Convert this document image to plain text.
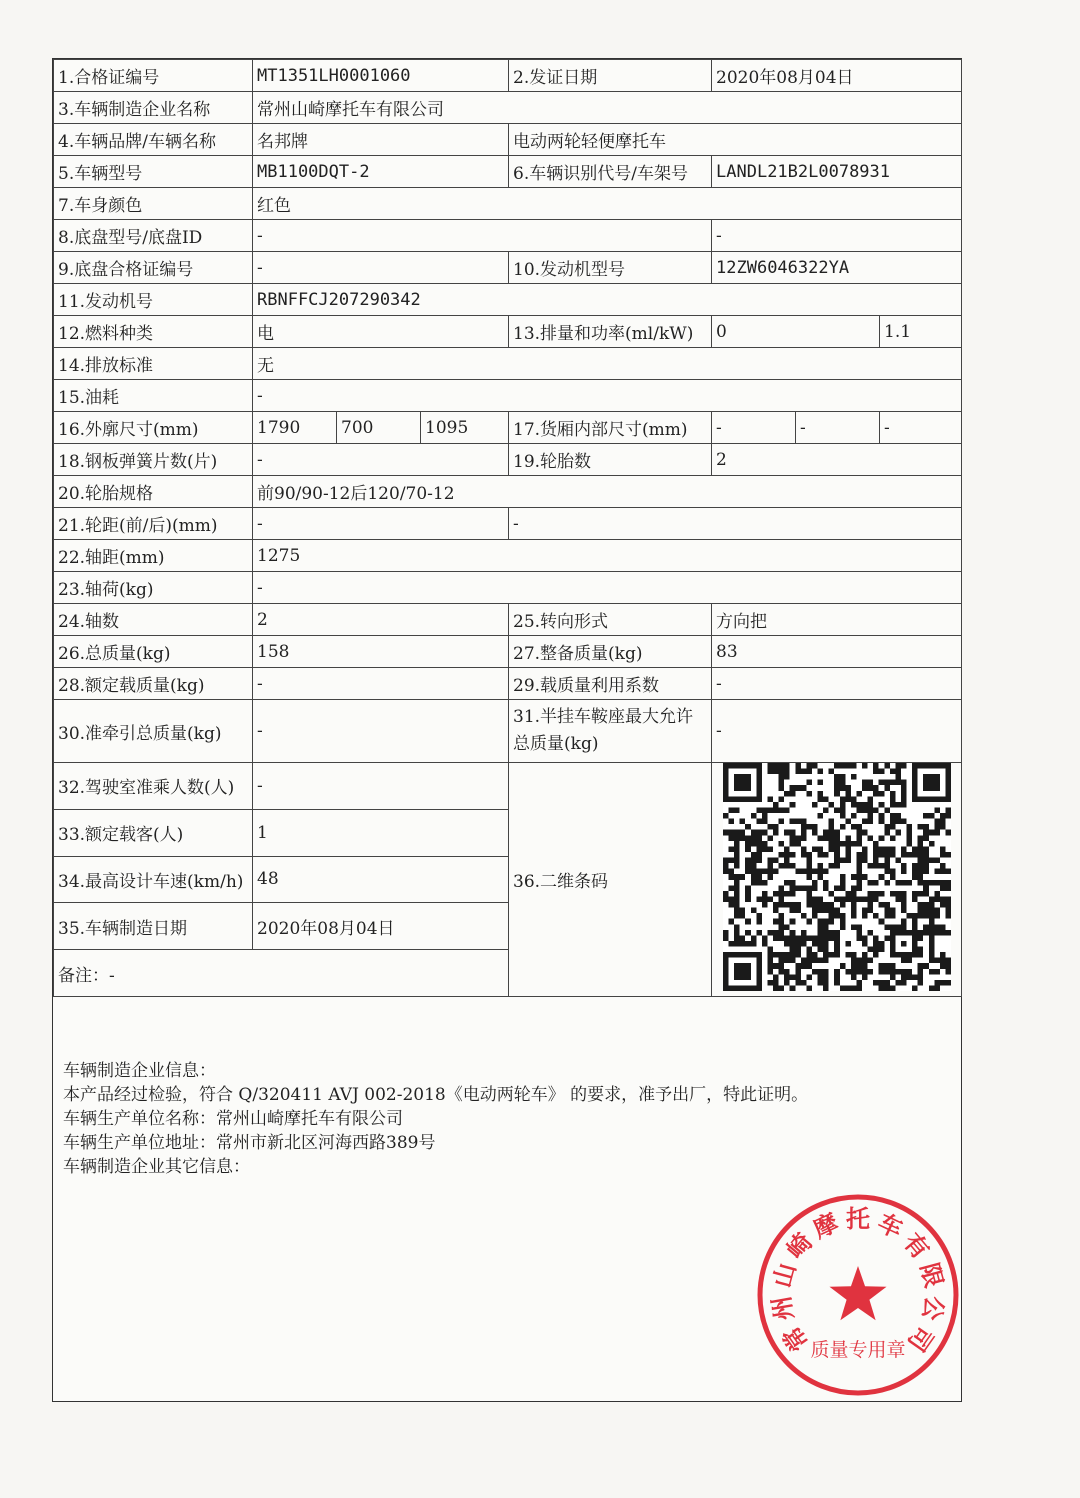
1.合格证编号	MT1351LH0001060			2.发证日期	2020年08月04日		
3.车辆制造企业名称	常州山崎摩托车有限公司						
4.车辆品牌/车辆名称	名邦牌			电动两轮轻便摩托车			
5.车辆型号	MB1100DQT-2			6.车辆识别代号/车架号	LANDL21B2L0078931		
7.车身颜色	红色						
8.底盘型号/底盘ID	-				-		
9.底盘合格证编号	-			10.发动机型号	12ZW6046322YA		
11.发动机号	RBNFFCJ207290342						
12.燃料种类	电			13.排量和功率(ml/kW)	0		1.1
14.排放标准	无						
15.油耗	-						
16.外廓尺寸(mm)	1790	700	1095	17.货厢内部尺寸(mm)	-	-	-
18.钢板弹簧片数(片)	-			19.轮胎数	2		
20.轮胎规格	前90/90-12后120/70-12						
21.轮距(前/后)(mm)	-			-			
22.轴距(mm)	1275						
23.轴荷(kg)	-						
24.轴数	2			25.转向形式	方向把		
26.总质量(kg)	158			27.整备质量(kg)	83		
28.额定载质量(kg)	-			29.载质量利用系数	-		
30.准牵引总质量(kg)	-			31.半挂车鞍座最大允许总质量(kg)	-		
32.驾驶室准乘人数(人)	-			36.二维条码	
33.额定载客(人)	1						
34.最高设计车速(km/h)	48						
35.车辆制造日期	2020年08月04日						
备注：-							
车辆制造企业信息：
本产品经过检验，符合 Q/320411 AVJ 002-2018《电动两轮车》 的要求，准予出厂，特此证明。
车辆生产单位名称：常州山崎摩托车有限公司
车辆生产单位地址：常州市新北区河海西路389号
车辆制造企业其它信息：
常
州
山
崎
摩 托 车
有
限
公
司
质量专用章
